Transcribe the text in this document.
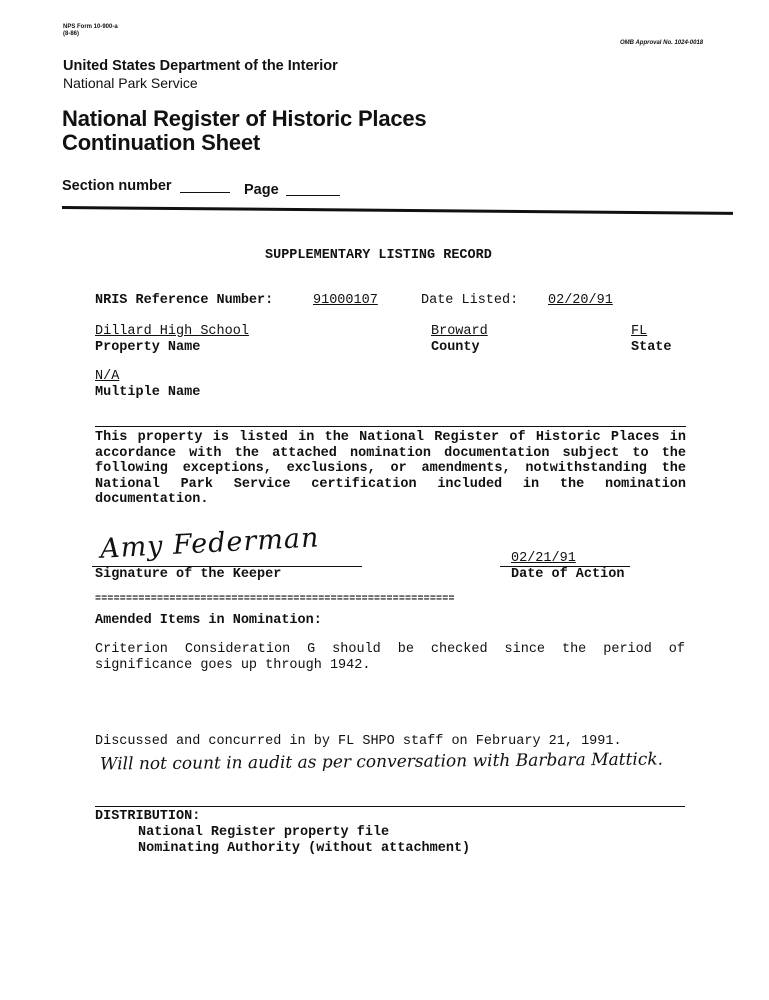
NPS Form 10-900-a
(8-86)
OMB Approval No. 1024-0018
United States Department of the Interior
National Park Service
National Register of Historic Places
Continuation Sheet
Section number	Page
SUPPLEMENTARY LISTING RECORD
NRIS Reference Number:	91000107	Date Listed: 02/20/91
Dillard High School
Property Name
Broward
County
FL
State
N/A
Multiple Name
This property is listed in the National Register of Historic Places in accordance with the attached nomination documentation subject to the following exceptions, exclusions, or amendments, notwithstanding the National Park Service certification included in the nomination documentation.
Amy Federman
Signature of the Keeper
02/21/91
Date of Action
==========================================================
Amended Items in Nomination:
Criterion Consideration G should be checked since the period of significance goes up through 1942.
Discussed and concurred in by FL SHPO staff on February 21, 1991.
Will not count in audit as per conversation with Barbara Mattick.
DISTRIBUTION:
National Register property file
Nominating Authority (without attachment)
